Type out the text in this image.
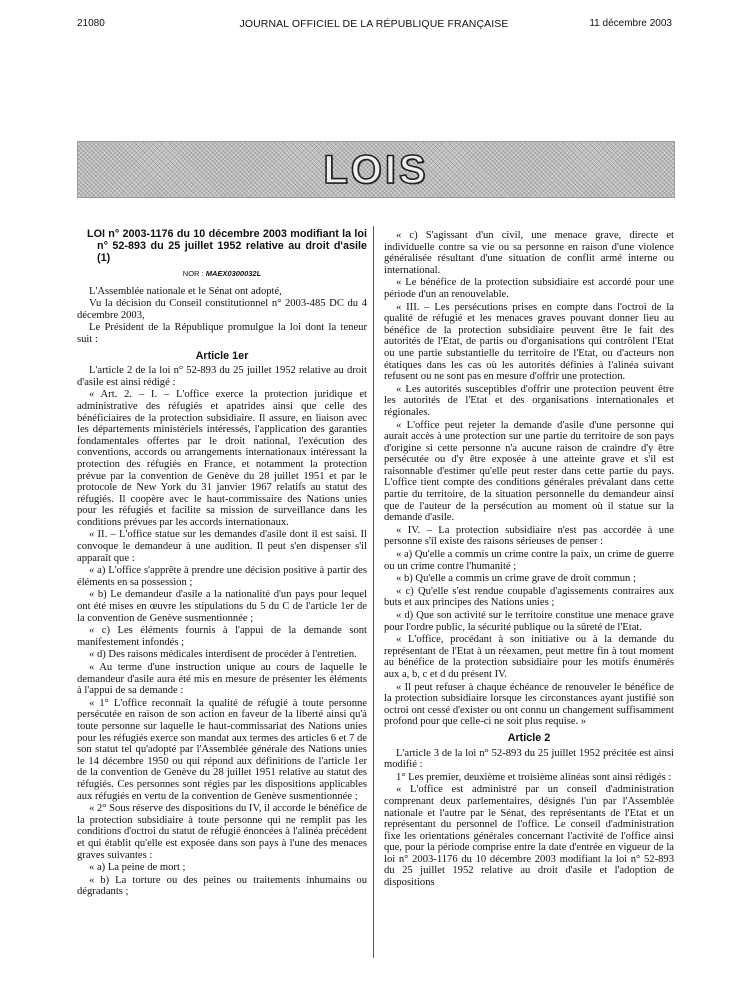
21080	JOURNAL OFFICIEL DE LA RÉPUBLIQUE FRANÇAISE	11 décembre 2003
LOIS
LOI n° 2003-1176 du 10 décembre 2003 modifiant la loi n° 52-893 du 25 juillet 1952 relative au droit d'asile (1)
NOR : MAEX0300032L

L'Assemblée nationale et le Sénat ont adopté,

Vu la décision du Conseil constitutionnel n° 2003-485 DC du 4 décembre 2003,

Le Président de la République promulgue la loi dont la teneur suit :

Article 1er

L'article 2 de la loi n° 52-893 du 25 juillet 1952 relative au droit d'asile est ainsi rédigé :

« Art. 2. – I. – L'office exerce la protection juridique et administrative des réfugiés et apatrides ainsi que celle des bénéficiaires de la protection subsidiaire. Il assure, en liaison avec les départements ministériels intéressés, l'application des garanties fondamentales offertes par le droit national, l'exécution des conventions, accords ou arrangements internationaux intéressant la protection des réfugiés en France, et notamment la protection prévue par la convention de Genève du 28 juillet 1951 et par le protocole de New York du 31 janvier 1967 relatifs au statut des réfugiés. Il coopère avec le haut-commissaire des Nations unies pour les réfugiés et facilite sa mission de surveillance dans les conditions prévues par les accords internationaux.

« II. – L'office statue sur les demandes d'asile dont il est saisi. Il convoque le demandeur à une audition. Il peut s'en dispenser s'il apparaît que :

« a) L'office s'apprête à prendre une décision positive à partir des éléments en sa possession ;

« b) Le demandeur d'asile a la nationalité d'un pays pour lequel ont été mises en œuvre les stipulations du 5 du C de l'article 1er de la convention de Genève susmentionnée ;

« c) Les éléments fournis à l'appui de la demande sont manifestement infondés ;

« d) Des raisons médicales interdisent de procéder à l'entretien.

« Au terme d'une instruction unique au cours de laquelle le demandeur d'asile aura été mis en mesure de présenter les éléments à l'appui de sa demande :

« 1° L'office reconnaît la qualité de réfugié à toute personne persécutée en raison de son action en faveur de la liberté ainsi qu'à toute personne sur laquelle le haut-commissariat des Nations unies pour les réfugiés exerce son mandat aux termes des articles 6 et 7 de son statut tel qu'adopté par l'Assemblée générale des Nations unies le 14 décembre 1950 ou qui répond aux définitions de l'article 1er de la convention de Genève du 28 juillet 1951 relative au statut des réfugiés. Ces personnes sont régies par les dispositions applicables aux réfugiés en vertu de la convention de Genève susmentionnée ;

« 2° Sous réserve des dispositions du IV, il accorde le bénéfice de la protection subsidiaire à toute personne qui ne remplit pas les conditions d'octroi du statut de réfugié énoncées à l'alinéa précédent et qui établit qu'elle est exposée dans son pays à l'une des menaces graves suivantes :

« a) La peine de mort ;

« b) La torture ou des peines ou traitements inhumains ou dégradants ;

« c) S'agissant d'un civil, une menace grave, directe et individuelle contre sa vie ou sa personne en raison d'une violence généralisée résultant d'une situation de conflit armé interne ou international.

« Le bénéfice de la protection subsidiaire est accordé pour une période d'un an renouvelable.

« III. – Les persécutions prises en compte dans l'octroi de la qualité de réfugié et les menaces graves pouvant donner lieu au bénéfice de la protection subsidiaire peuvent être le fait des autorités de l'Etat, de partis ou d'organisations qui contrôlent l'Etat ou une partie substantielle du territoire de l'Etat, ou d'acteurs non étatiques dans les cas où les autorités définies à l'alinéa suivant refusent ou ne sont pas en mesure d'offrir une protection.

« Les autorités susceptibles d'offrir une protection peuvent être les autorités de l'Etat et des organisations internationales et régionales.

« L'office peut rejeter la demande d'asile d'une personne qui aurait accès à une protection sur une partie du territoire de son pays d'origine si cette personne n'a aucune raison de craindre d'y être persécutée ou d'y être exposée à une atteinte grave et s'il est raisonnable d'estimer qu'elle peut rester dans cette partie du pays. L'office tient compte des conditions générales prévalant dans cette partie du territoire, de la situation personnelle du demandeur ainsi que de l'auteur de la persécution au moment où il statue sur la demande d'asile.

« IV. – La protection subsidiaire n'est pas accordée à une personne s'il existe des raisons sérieuses de penser :

« a) Qu'elle a commis un crime contre la paix, un crime de guerre ou un crime contre l'humanité ;

« b) Qu'elle a commis un crime grave de droit commun ;

« c) Qu'elle s'est rendue coupable d'agissements contraires aux buts et aux principes des Nations unies ;

« d) Que son activité sur le territoire constitue une menace grave pour l'ordre public, la sécurité publique ou la sûreté de l'Etat.

« L'office, procédant à son initiative ou à la demande du représentant de l'Etat à un réexamen, peut mettre fin à tout moment au bénéfice de la protection subsidiaire pour les motifs énumérés aux a, b, c et d du présent IV.

« Il peut refuser à chaque échéance de renouveler le bénéfice de la protection subsidiaire lorsque les circonstances ayant justifié son octroi ont cessé d'exister ou ont connu un changement suffisamment profond pour que celle-ci ne soit plus requise. »

Article 2

L'article 3 de la loi n° 52-893 du 25 juillet 1952 précitée est ainsi modifié :

1° Les premier, deuxième et troisième alinéas sont ainsi rédigés :

« L'office est administré par un conseil d'administration comprenant deux parlementaires, désignés l'un par l'Assemblée nationale et l'autre par le Sénat, des représentants de l'Etat et un représentant du personnel de l'office. Le conseil d'administration fixe les orientations générales concernant l'activité de l'office ainsi que, pour la période comprise entre la date d'entrée en vigueur de la loi n° 2003-1176 du 10 décembre 2003 modifiant la loi n° 52-893 du 25 juillet 1952 relative au droit d'asile et l'adoption de dispositions
